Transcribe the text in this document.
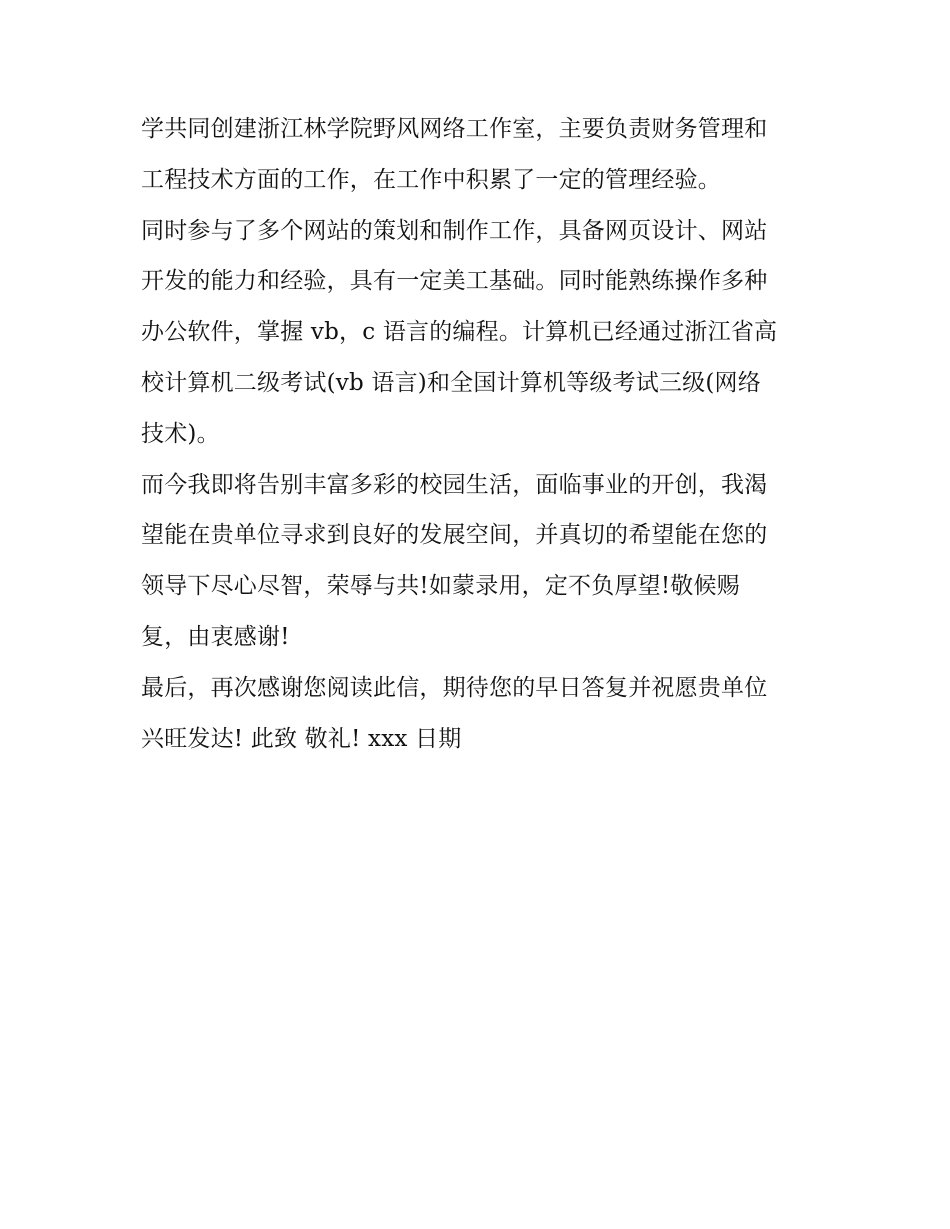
学共同创建浙江林学院野风网络工作室，主要负责财务管理和
工程技术方面的工作，在工作中积累了一定的管理经验。
同时参与了多个网站的策划和制作工作，具备网页设计、网站
开发的能力和经验，具有一定美工基础。同时能熟练操作多种
办公软件，掌握 vb，c 语言的编程。计算机已经通过浙江省高
校计算机二级考试(vb 语言)和全国计算机等级考试三级(网络
技术)。
而今我即将告别丰富多彩的校园生活，面临事业的开创，我渴
望能在贵单位寻求到良好的发展空间，并真切的希望能在您的
领导下尽心尽智，荣辱与共!如蒙录用，定不负厚望!敬候赐
复，由衷感谢!
最后，再次感谢您阅读此信，期待您的早日答复并祝愿贵单位
兴旺发达! 此致 敬礼! xxx 日期
